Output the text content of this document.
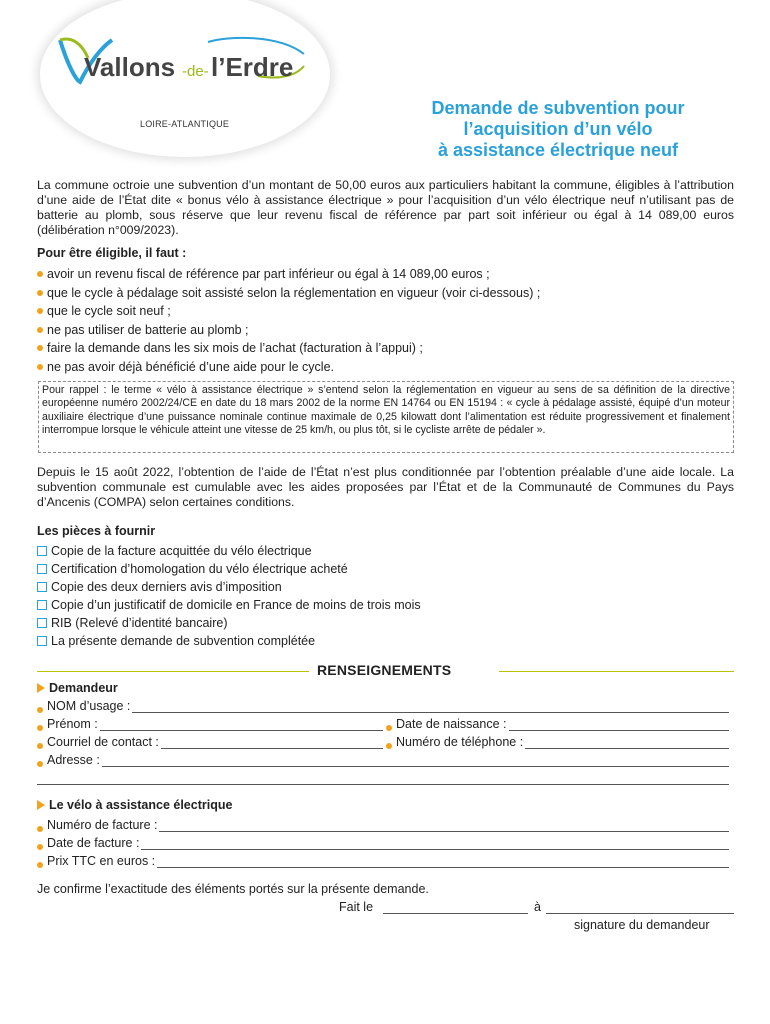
Vallons -de- l’Erdre
LOIRE-ATLANTIQUE
Demande de subvention pour
l’acquisition d’un vélo
à assistance électrique neuf

La commune octroie une subvention d’un montant de 50,00 euros aux particuliers habitant la commune, éligibles à l’attribution d’une aide de l’État dite « bonus vélo à assistance électrique » pour l’acquisition d’un vélo électrique neuf n’utilisant pas de batterie au plomb, sous réserve que leur revenu fiscal de référence par part soit inférieur ou égal à 14 089,00 euros (délibération n°009/2023).

Pour être éligible, il faut :
avoir un revenu fiscal de référence par part inférieur ou égal à 14 089,00 euros ;
que le cycle à pédalage soit assisté selon la réglementation en vigueur (voir ci-dessous) ;
que le cycle soit neuf ;
ne pas utiliser de batterie au plomb ;
faire la demande dans les six mois de l’achat (facturation à l’appui) ;
ne pas avoir déjà bénéficié d’une aide pour le cycle.
Pour rappel : le terme « vélo à assistance électrique » s’entend selon la réglementation en vigueur au sens de sa définition de la directive européenne numéro 2002/24/CE en date du 18 mars 2002 de la norme EN 14764 ou EN 15194 : « cycle à pédalage assisté, équipé d’un moteur auxiliaire électrique d’une puissance nominale continue maximale de 0,25 kilowatt dont l’alimentation est réduite progressivement et finalement interrompue lorsque le véhicule atteint une vitesse de 25 km/h, ou plus tôt, si le cycliste arrête de pédaler ».

Depuis le 15 août 2022, l’obtention de l’aide de l’État n’est plus conditionnée par l’obtention préalable d’une aide locale. La subvention communale est cumulable avec les aides proposées par l’État et de la Communauté de Communes du Pays d’Ancenis (COMPA) selon certaines conditions.

Les pièces à fournir
Copie de la facture acquittée du vélo électrique
Certification d’homologation du vélo électrique acheté
Copie des deux derniers avis d’imposition
Copie d’un justificatif de domicile en France de moins de trois mois
RIB (Relevé d’identité bancaire)
La présente demande de subvention complétée
RENSEIGNEMENTS
Demandeur
NOM d’usage :
Prénom :	Date de naissance :
Courriel de contact :	Numéro de téléphone :
Adresse :
Le vélo à assistance électrique
Numéro de facture :
Date de facture :
Prix TTC en euros :
Je confirme l’exactitude des éléments portés sur la présente demande.
Fait le	à
signature du demandeur
